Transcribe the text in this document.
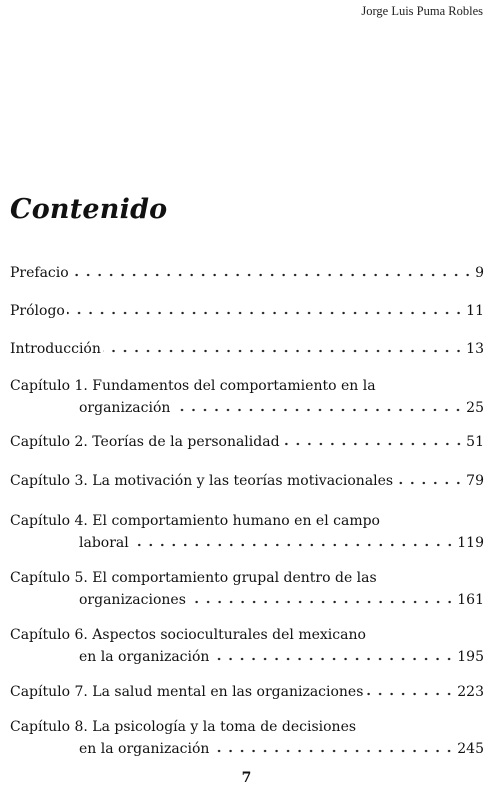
Jorge Luis Puma Robles
Contenido
Prefacio	9
Prólogo	11
Introducción	13
Capítulo 1. Fundamentos del comportamiento en la
organización	25
Capítulo 2. Teorías de la personalidad	51
Capítulo 3. La motivación y las teorías motivacionales	79
Capítulo 4. El comportamiento humano en el campo
laboral	119
Capítulo 5. El comportamiento grupal dentro de las
organizaciones	161
Capítulo 6. Aspectos socioculturales del mexicano
en la organización	195
Capítulo 7. La salud mental en las organizaciones	223
Capítulo 8. La psicología y la toma de decisiones
en la organización	245
7
